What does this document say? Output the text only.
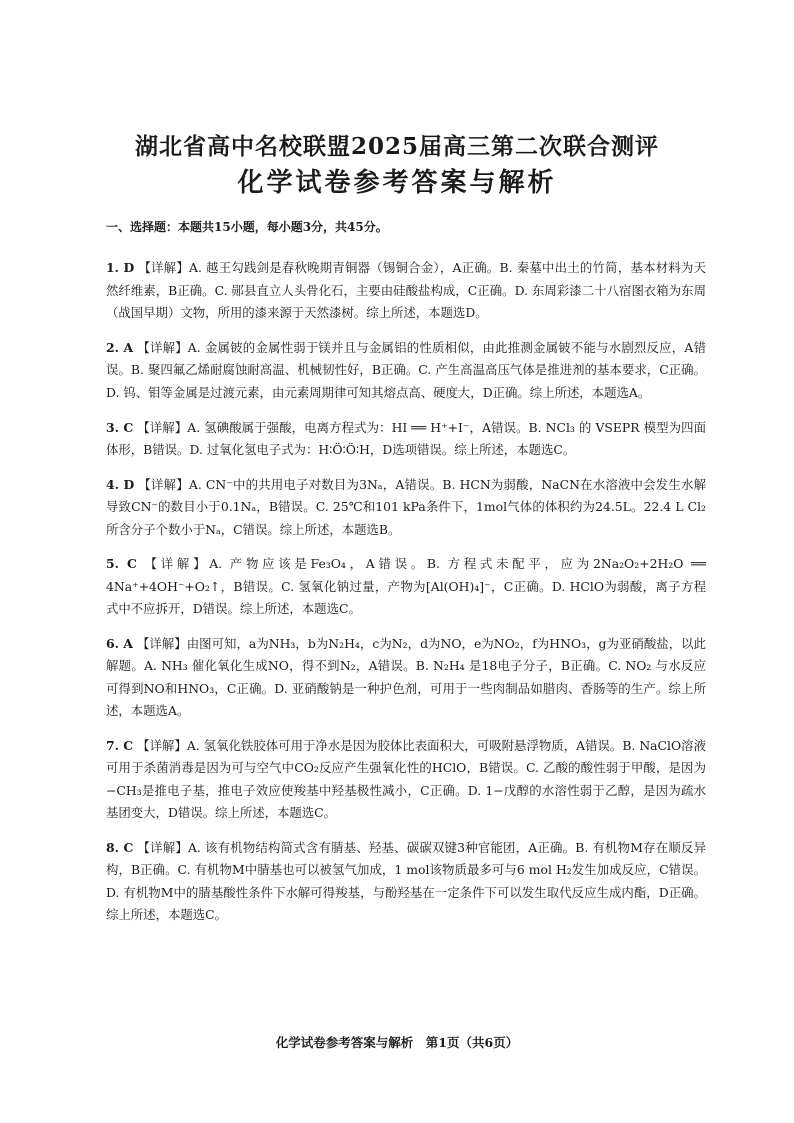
湖北省高中名校联盟2025届高三第二次联合测评
化学试卷参考答案与解析
一、选择题：本题共15小题，每小题3分，共45分。

1. D 【详解】A. 越王勾践剑是春秋晚期青铜器（锡铜合金），A正确。B. 秦墓中出土的竹简，基本材料为天然纤维素，B正确。C. 郧县直立人头骨化石，主要由硅酸盐构成，C正确。D. 东周彩漆二十八宿图衣箱为东周（战国早期）文物，所用的漆来源于天然漆树。综上所述，本题选D。

2. A 【详解】A. 金属铍的金属性弱于镁并且与金属铝的性质相似，由此推测金属铍不能与水剧烈反应，A错误。B. 聚四氟乙烯耐腐蚀耐高温、机械韧性好，B正确。C. 产生高温高压气体是推进剂的基本要求，C正确。D. 钨、钼等金属是过渡元素，由元素周期律可知其熔点高、硬度大，D正确。综上所述，本题选A。

3. C 【详解】A. 氢碘酸属于强酸，电离方程式为：HI ══ H⁺+I⁻，A错误。B. NCl₃ 的 VSEPR 模型为四面体形，B错误。D. 过氧化氢电子式为：H∶Ö∶Ö∶H，D选项错误。综上所述，本题选C。

4. D 【详解】A. CN⁻中的共用电子对数目为3Nₐ，A错误。B. HCN为弱酸，NaCN在水溶液中会发生水解导致CN⁻的数目小于0.1Nₐ，B错误。C. 25℃和101 kPa条件下，1mol气体的体积约为24.5L。22.4 L Cl₂ 所含分子个数小于Nₐ，C错误。综上所述，本题选B。

5. C 【详解】A. 产物应该是Fe₃O₄，A错误。B. 方程式未配平，应为2Na₂O₂+2H₂O ══ 4Na⁺+4OH⁻+O₂↑，B错误。C. 氢氧化钠过量，产物为[Al(OH)₄]⁻，C正确。D. HClO为弱酸，离子方程式中不应拆开，D错误。综上所述，本题选C。

6. A 【详解】由图可知，a为NH₃，b为N₂H₄，c为N₂，d为NO，e为NO₂，f为HNO₃，g为亚硝酸盐，以此解题。A. NH₃ 催化氧化生成NO，得不到N₂，A错误。B. N₂H₄ 是18电子分子，B正确。C. NO₂ 与水反应可得到NO和HNO₃，C正确。D. 亚硝酸钠是一种护色剂，可用于一些肉制品如腊肉、香肠等的生产。综上所述，本题选A。

7. C 【详解】A. 氢氧化铁胶体可用于净水是因为胶体比表面积大，可吸附悬浮物质，A错误。B. NaClO溶液可用于杀菌消毒是因为可与空气中CO₂反应产生强氧化性的HClO，B错误。C. 乙酸的酸性弱于甲酸，是因为−CH₃是推电子基，推电子效应使羧基中羟基极性减小，C正确。D. 1−戊醇的水溶性弱于乙醇，是因为疏水基团变大，D错误。综上所述，本题选C。

8. C 【详解】A. 该有机物结构简式含有腈基、羟基、碳碳双键3种官能团，A正确。B. 有机物M存在顺反异构，B正确。C. 有机物M中腈基也可以被氢气加成，1 mol该物质最多可与6 mol H₂发生加成反应，C错误。D. 有机物M中的腈基酸性条件下水解可得羧基，与酚羟基在一定条件下可以发生取代反应生成内酯，D正确。综上所述，本题选C。

化学试卷参考答案与解析　第1页（共6页）
